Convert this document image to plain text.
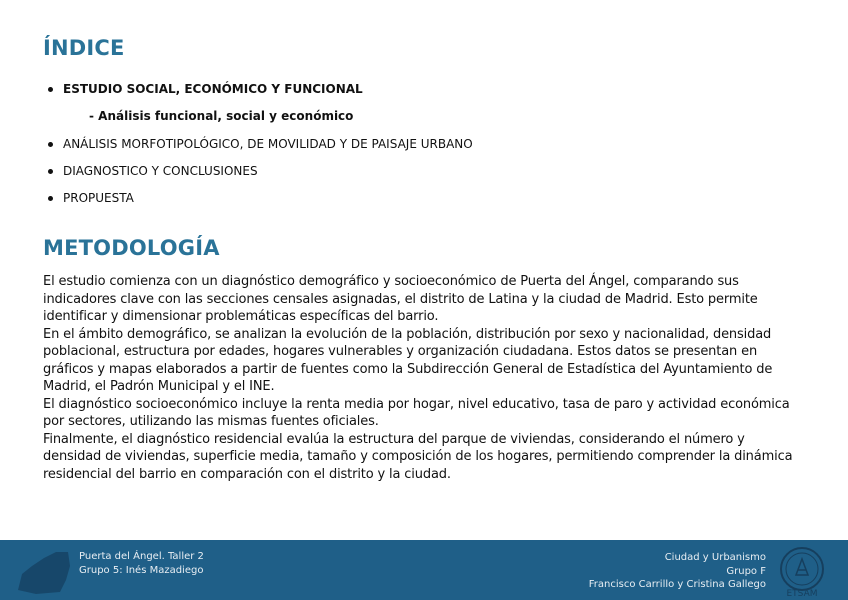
ÍNDICE
ESTUDIO SOCIAL, ECONÓMICO Y FUNCIONAL
- Análisis funcional, social y económico
ANÁLISIS MORFOTIPOLÓGICO, DE MOVILIDAD Y DE PAISAJE URBANO
DIAGNOSTICO Y CONCLUSIONES
PROPUESTA
METODOLOGÍA

El estudio comienza con un diagnóstico demográfico y socioeconómico de Puerta del Ángel, comparando sus indicadores clave con las secciones censales asignadas, el distrito de Latina y la ciudad de Madrid. Esto permite identificar y dimensionar problemáticas específicas del barrio.

En el ámbito demográfico, se analizan la evolución de la población, distribución por sexo y nacionalidad, densidad poblacional, estructura por edades, hogares vulnerables y organización ciudadana. Estos datos se presentan en gráficos y mapas elaborados a partir de fuentes como la Subdirección General de Estadística del Ayuntamiento de Madrid, el Padrón Municipal y el INE.

El diagnóstico socioeconómico incluye la renta media por hogar, nivel educativo, tasa de paro y actividad económica por sectores, utilizando las mismas fuentes oficiales.

Finalmente, el diagnóstico residencial evalúa la estructura del parque de viviendas, considerando el número y densidad de viviendas, superficie media, tamaño y composición de los hogares, permitiendo comprender la dinámica residencial del barrio en comparación con el distrito y la ciudad.

Puerta del Ángel. Taller 2
Grupo 5: Inés Mazadiego
Ciudad y Urbanismo
Grupo F
Francisco Carrillo y Cristina Gallego
ETSAM
